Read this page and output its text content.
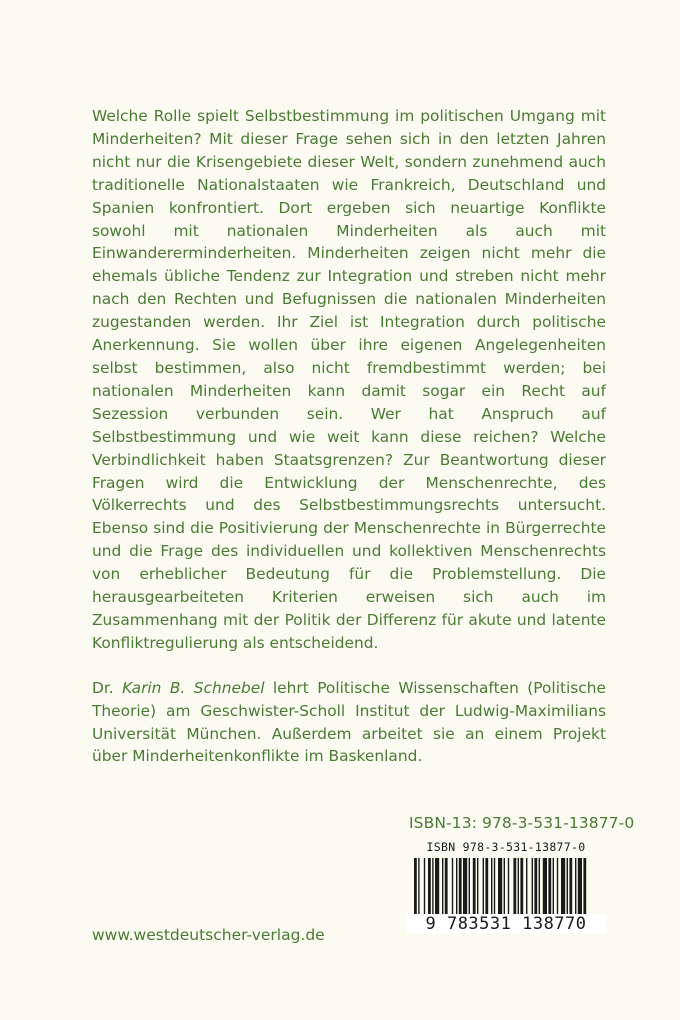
Welche Rolle spielt Selbstbestimmung im politischen Umgang mit Minderheiten? Mit dieser Frage sehen sich in den letzten Jahren nicht nur die Krisengebiete dieser Welt, sondern zunehmend auch traditionelle Nationalstaaten wie Frankreich, Deutschland und Spanien konfrontiert. Dort ergeben sich neuartige Konflikte sowohl mit nationalen Minderheiten als auch mit Einwandererminderheiten. Minderheiten zeigen nicht mehr die ehemals übliche Tendenz zur Integration und streben nicht mehr nach den Rechten und Befugnissen die nationalen Minderheiten zugestanden werden. Ihr Ziel ist Integration durch politische Anerkennung. Sie wollen über ihre eigenen Angelegenheiten selbst bestimmen, also nicht fremdbestimmt werden; bei nationalen Minderheiten kann damit sogar ein Recht auf Sezession verbunden sein. Wer hat Anspruch auf Selbstbestimmung und wie weit kann diese reichen? Welche Verbindlichkeit haben Staatsgrenzen? Zur Beantwortung dieser Fragen wird die Entwicklung der Menschenrechte, des Völkerrechts und des Selbstbestimmungsrechts untersucht. Ebenso sind die Positivierung der Menschenrechte in Bürgerrechte und die Frage des individuellen und kollektiven Menschenrechts von erheblicher Bedeutung für die Problemstellung. Die herausgearbeiteten Kriterien erweisen sich auch im Zusammenhang mit der Politik der Differenz für akute und latente Konfliktregulierung als entscheidend.

Dr. Karin B. Schnebel lehrt Politische Wissenschaften (Politische Theorie) am Geschwister-Scholl Institut der Ludwig-Maximilians Universität München. Außerdem arbeitet sie an einem Projekt über Minderheitenkonflikte im Baskenland.

ISBN-13: 978-3-531-13877-0
ISBN 978-3-531-13877-0
9 783531 138770
www.westdeutscher-verlag.de
